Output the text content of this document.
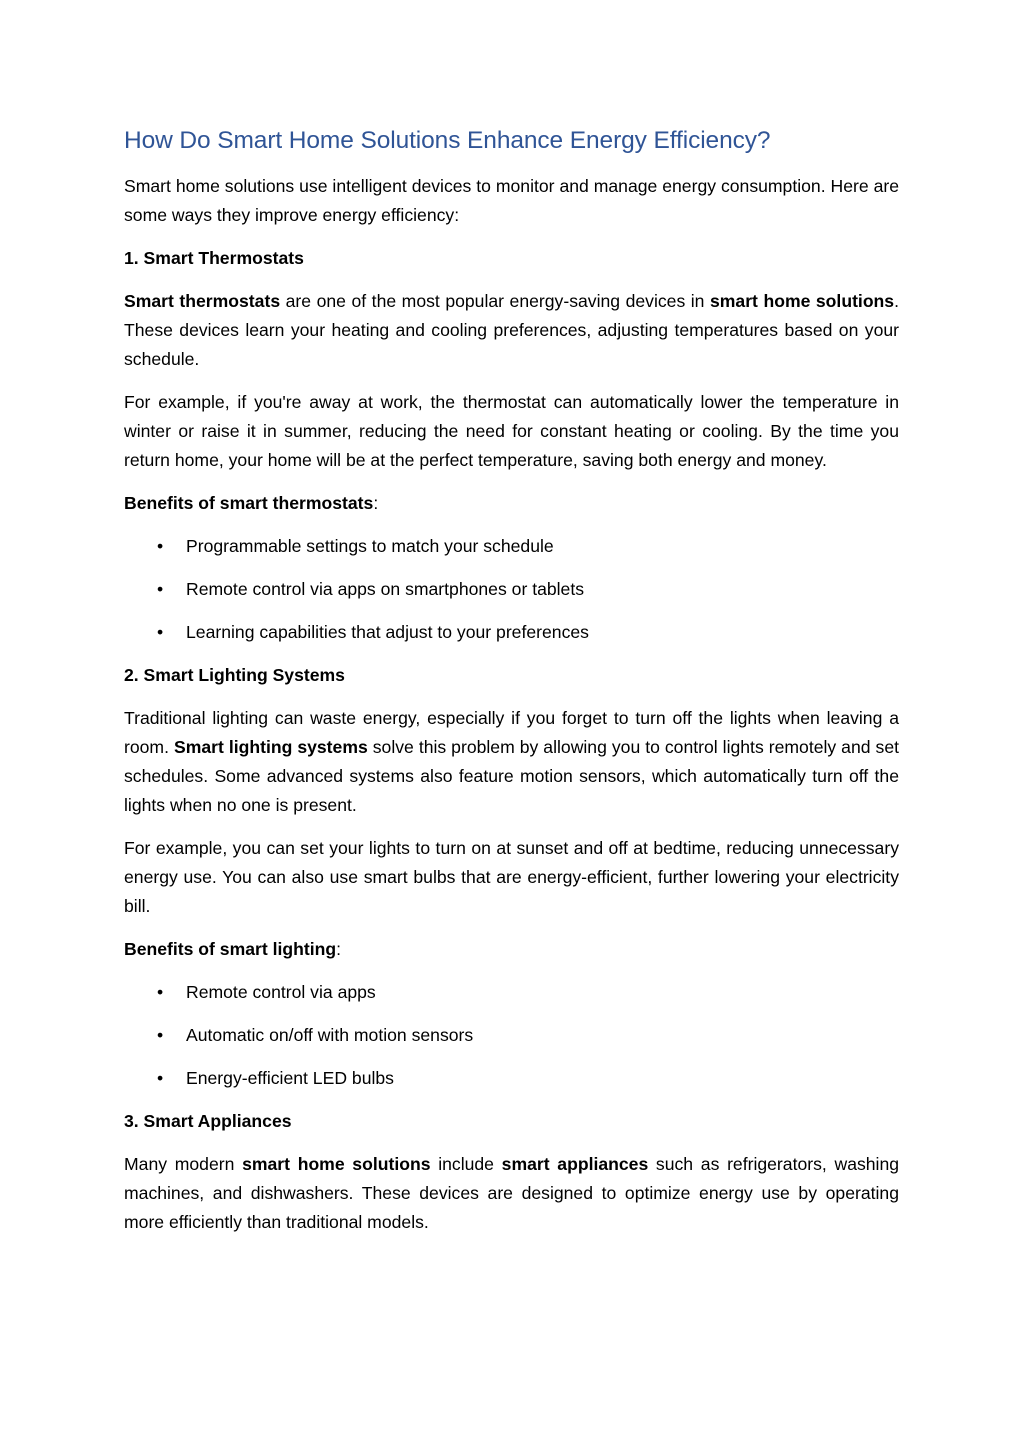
How Do Smart Home Solutions Enhance Energy Efficiency?

Smart home solutions use intelligent devices to monitor and manage energy consumption. Here are some ways they improve energy efficiency:

1. Smart Thermostats

Smart thermostats are one of the most popular energy-saving devices in smart home solutions. These devices learn your heating and cooling preferences, adjusting temperatures based on your schedule.

For example, if you're away at work, the thermostat can automatically lower the temperature in winter or raise it in summer, reducing the need for constant heating or cooling. By the time you return home, your home will be at the perfect temperature, saving both energy and money.

Benefits of smart thermostats:

• Programmable settings to match your schedule
• Remote control via apps on smartphones or tablets
• Learning capabilities that adjust to your preferences
2. Smart Lighting Systems

Traditional lighting can waste energy, especially if you forget to turn off the lights when leaving a room. Smart lighting systems solve this problem by allowing you to control lights remotely and set schedules. Some advanced systems also feature motion sensors, which automatically turn off the lights when no one is present.

For example, you can set your lights to turn on at sunset and off at bedtime, reducing unnecessary energy use. You can also use smart bulbs that are energy-efficient, further lowering your electricity bill.

Benefits of smart lighting:

• Remote control via apps
• Automatic on/off with motion sensors
• Energy-efficient LED bulbs
3. Smart Appliances

Many modern smart home solutions include smart appliances such as refrigerators, washing machines, and dishwashers. These devices are designed to optimize energy use by operating more efficiently than traditional models.
